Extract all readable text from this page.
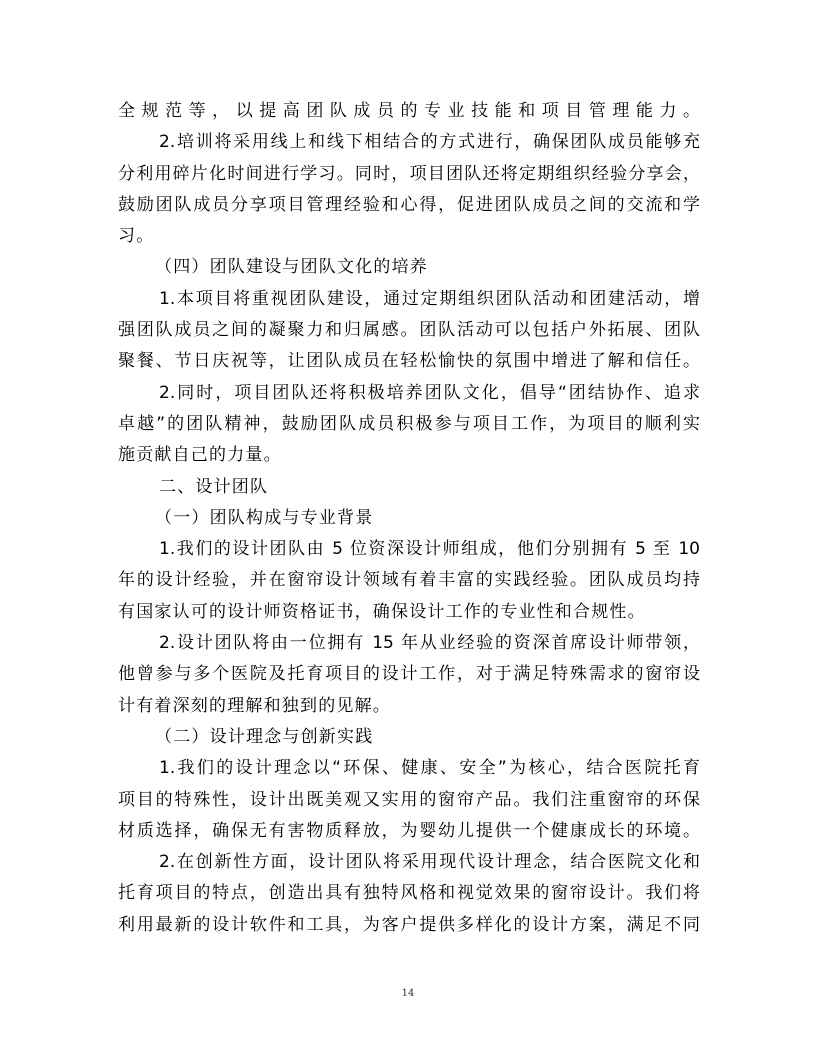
全规范等，以提高团队成员的专业技能和项目管理能力。
2.培训将采用线上和线下相结合的方式进行，确保团队成员能够充
分利用碎片化时间进行学习。同时，项目团队还将定期组织经验分享会，
鼓励团队成员分享项目管理经验和心得，促进团队成员之间的交流和学
习。
（四）团队建设与团队文化的培养
1.本项目将重视团队建设，通过定期组织团队活动和团建活动，增
强团队成员之间的凝聚力和归属感。团队活动可以包括户外拓展、团队
聚餐、节日庆祝等，让团队成员在轻松愉快的氛围中增进了解和信任。
2.同时，项目团队还将积极培养团队文化，倡导“团结协作、追求
卓越”的团队精神，鼓励团队成员积极参与项目工作，为项目的顺利实
施贡献自己的力量。
二、设计团队
（一）团队构成与专业背景
1.我们的设计团队由 5 位资深设计师组成，他们分别拥有 5 至 10
年的设计经验，并在窗帘设计领域有着丰富的实践经验。团队成员均持
有国家认可的设计师资格证书，确保设计工作的专业性和合规性。
2.设计团队将由一位拥有 15 年从业经验的资深首席设计师带领，
他曾参与多个医院及托育项目的设计工作，对于满足特殊需求的窗帘设
计有着深刻的理解和独到的见解。
（二）设计理念与创新实践
1.我们的设计理念以“环保、健康、安全”为核心，结合医院托育
项目的特殊性，设计出既美观又实用的窗帘产品。我们注重窗帘的环保
材质选择，确保无有害物质释放，为婴幼儿提供一个健康成长的环境。
2.在创新性方面，设计团队将采用现代设计理念，结合医院文化和
托育项目的特点，创造出具有独特风格和视觉效果的窗帘设计。我们将
利用最新的设计软件和工具，为客户提供多样化的设计方案，满足不同
14
